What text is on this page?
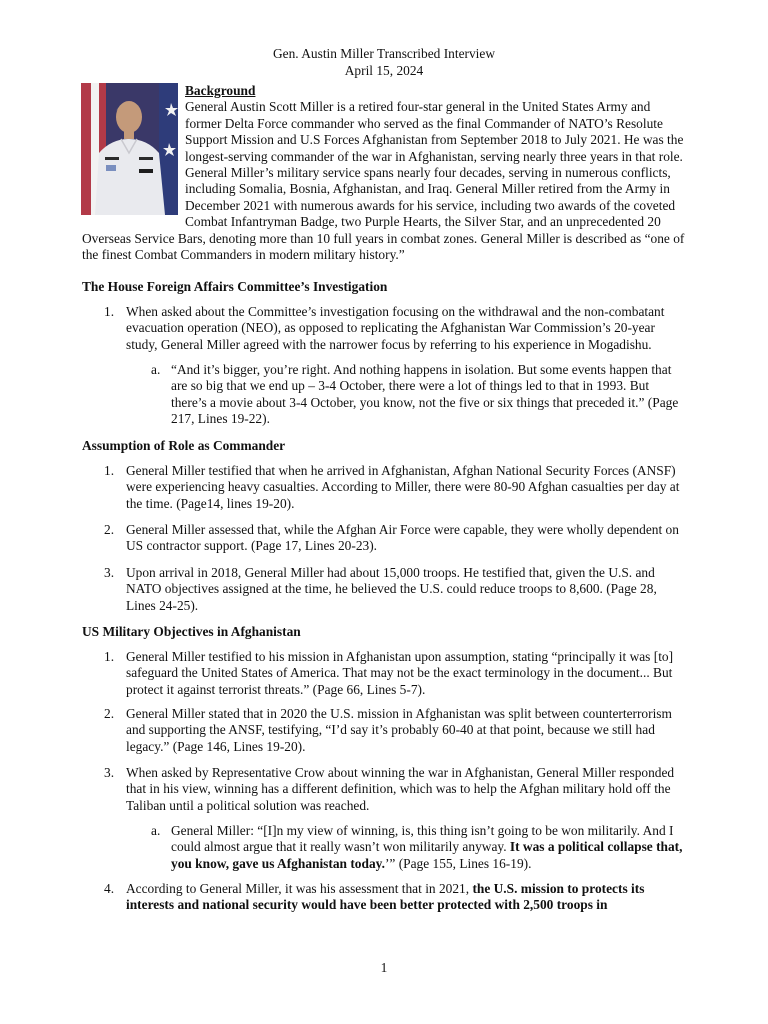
Gen. Austin Miller Transcribed Interview
April 15, 2024
Background
General Austin Scott Miller is a retired four-star general in the United States Army and former Delta Force commander who served as the final Commander of NATO’s Resolute Support Mission and U.S Forces Afghanistan from September 2018 to July 2021. He was the longest-serving commander of the war in Afghanistan, serving nearly three years in that role. General Miller’s military service spans nearly four decades, serving in numerous conflicts, including Somalia, Bosnia, Afghanistan, and Iraq. General Miller retired from the Army in December 2021 with numerous awards for his service, including two awards of the coveted Combat Infantryman Badge, two Purple Hearts, the Silver Star, and an unprecedented 20 Overseas Service Bars, denoting more than 10 full years in combat zones. General Miller is described as “one of the finest Combat Commanders in modern military history.”
The House Foreign Affairs Committee’s Investigation
1. When asked about the Committee’s investigation focusing on the withdrawal and the non-combatant evacuation operation (NEO), as opposed to replicating the Afghanistan War Commission’s 20-year study, General Miller agreed with the narrower focus by referring to his experience in Mogadishu.
a. “And it’s bigger, you’re right. And nothing happens in isolation. But some events happen that are so big that we end up – 3-4 October, there were a lot of things led to that in 1993. But there’s a movie about 3-4 October, you know, not the five or six things that preceded it.” (Page 217, Lines 19-22).
Assumption of Role as Commander
1. General Miller testified that when he arrived in Afghanistan, Afghan National Security Forces (ANSF) were experiencing heavy casualties. According to Miller, there were 80-90 Afghan casualties per day at the time. (Page14, lines 19-20).
2. General Miller assessed that, while the Afghan Air Force were capable, they were wholly dependent on US contractor support. (Page 17, Lines 20-23).
3. Upon arrival in 2018, General Miller had about 15,000 troops. He testified that, given the U.S. and NATO objectives assigned at the time, he believed the U.S. could reduce troops to 8,600. (Page 28, Lines 24-25).
US Military Objectives in Afghanistan
1. General Miller testified to his mission in Afghanistan upon assumption, stating “principally it was [to] safeguard the United States of America. That may not be the exact terminology in the document... But protect it against terrorist threats.” (Page 66, Lines 5-7).
2. General Miller stated that in 2020 the U.S. mission in Afghanistan was split between counterterrorism and supporting the ANSF, testifying, “I’d say it’s probably 60-40 at that point, because we still had legacy.” (Page 146, Lines 19-20).
3. When asked by Representative Crow about winning the war in Afghanistan, General Miller responded that in his view, winning has a different definition, which was to help the Afghan military hold off the Taliban until a political solution was reached.
a. General Miller: “[I]n my view of winning, is, this thing isn’t going to be won militarily. And I could almost argue that it really wasn’t won militarily anyway. It was a political collapse that, you know, gave us Afghanistan today.’” (Page 155, Lines 16-19).
4. According to General Miller, it was his assessment that in 2021, the U.S. mission to protects its interests and national security would have been better protected with 2,500 troops in
1
